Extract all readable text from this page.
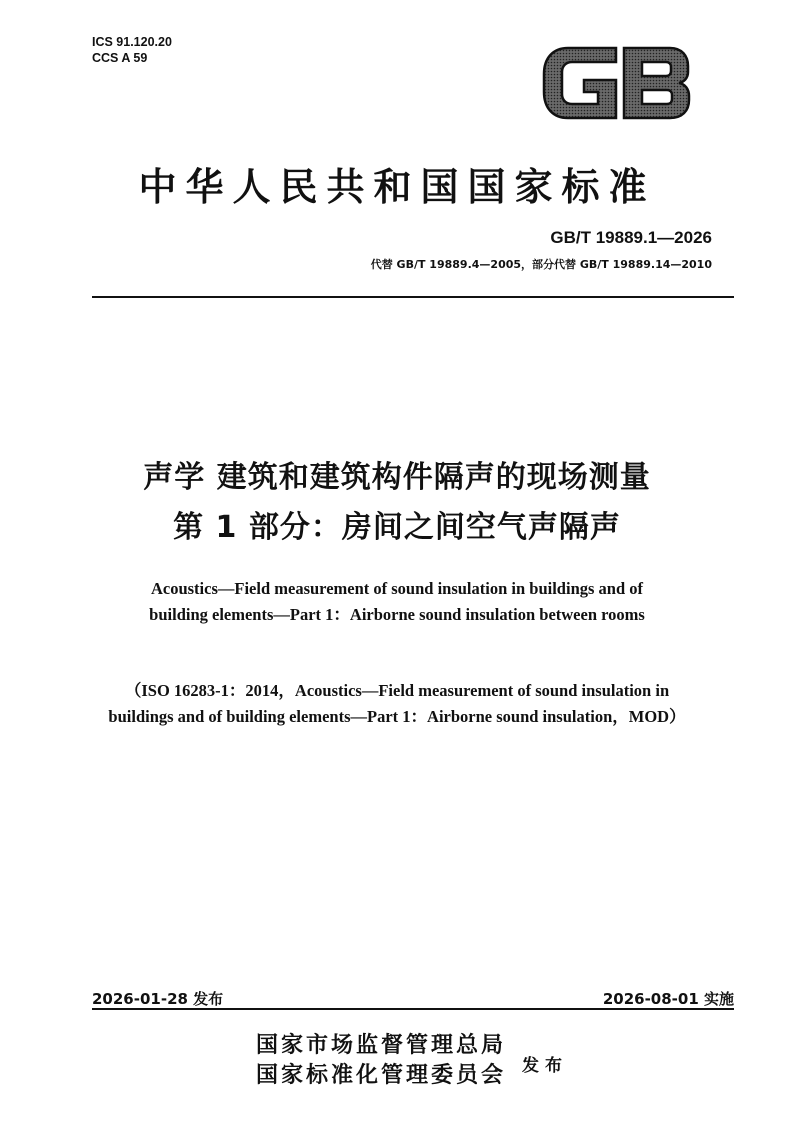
ICS 91.120.20
CCS A 59
中华人民共和国国家标准
GB/T 19889.1—2026
代替 GB/T 19889.4—2005，部分代替 GB/T 19889.14—2010
声学 建筑和建筑构件隔声的现场测量
第 1 部分：房间之间空气声隔声
Acoustics—Field measurement of sound insulation in buildings and of
building elements—Part 1：Airborne sound insulation between rooms
（ISO 16283-1：2014，Acoustics—Field measurement of sound insulation in
buildings and of building elements—Part 1：Airborne sound insulation，MOD）
2026-01-28 发布	2026-08-01 实施
国家市场监督管理总局
国家标准化管理委员会 发布
